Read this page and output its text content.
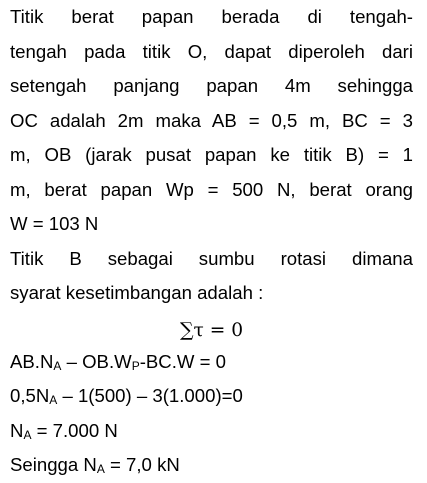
Titik berat papan berada di tengah-
tengah pada titik O, dapat diperoleh dari
setengah panjang papan 4m sehingga
OC adalah 2m maka AB = 0,5 m, BC = 3
m, OB (jarak pusat papan ke titik B) = 1
m, berat papan Wp = 500 N, berat orang
W = 103 N
Titik B sebagai sumbu rotasi dimana
syarat kesetimbangan adalah :
∑τ = 0
$AB.N_A - OB.W_P-BC.W = 0$
$0,5N_A - 1(500) - 3(1.000)=0$
$N_A = 7.000$ N
Seingga $N_A = 7,0$ kN
